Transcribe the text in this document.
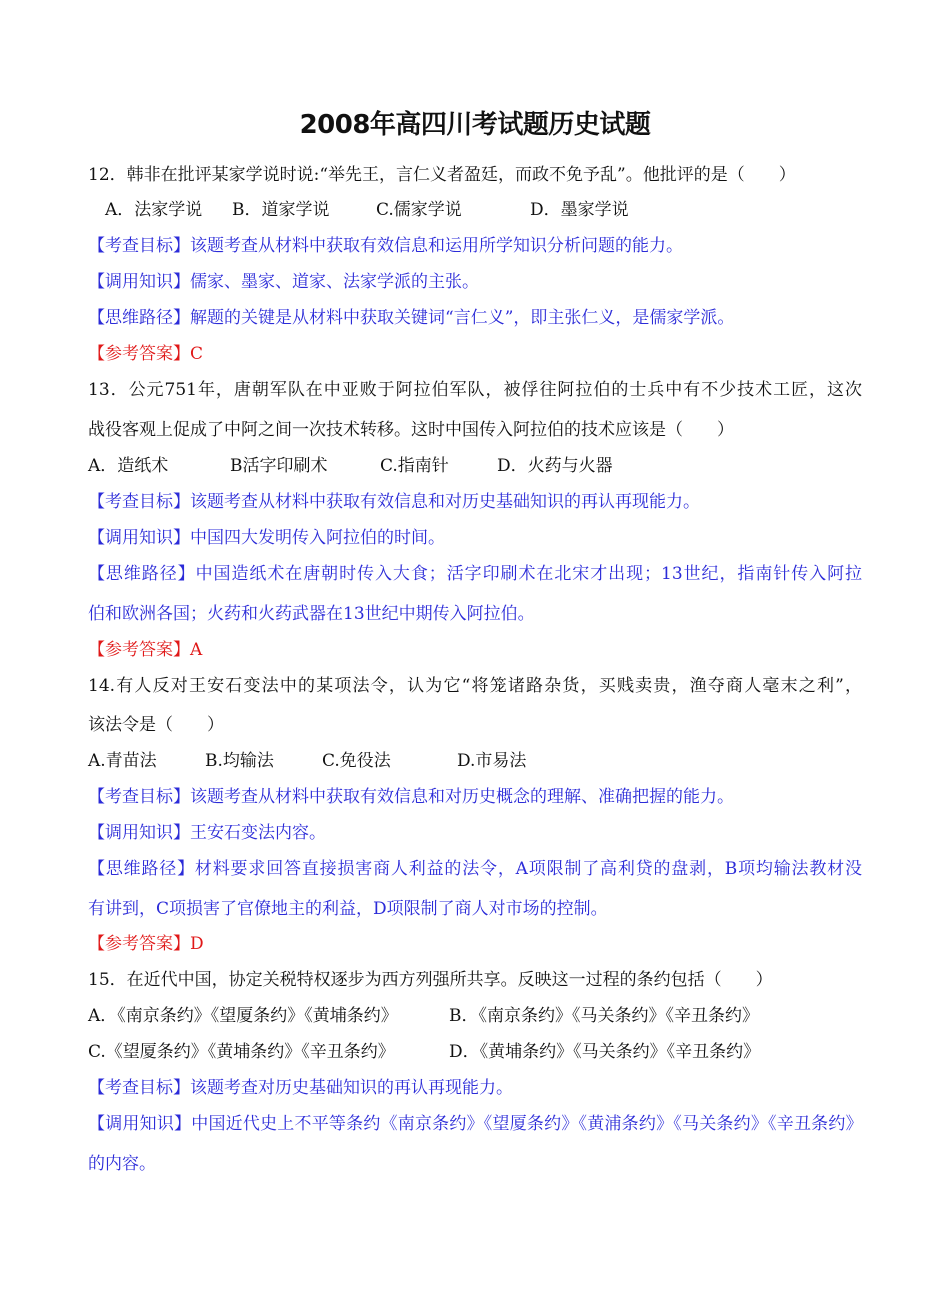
2008年高四川考试题历史试题
12．韩非在批评某家学说时说:“举先王，言仁义者盈廷，而政不免予乱”。他批评的是（　　）
A．法家学说 B．道家学说	C.儒家学说	D．墨家学说
【考查目标】该题考查从材料中获取有效信息和运用所学知识分析问题的能力。
【调用知识】儒家、墨家、道家、法家学派的主张。
【思维路径】解题的关键是从材料中获取关键词“言仁义”，即主张仁义，是儒家学派。
【参考答案】C
13．公元751年，唐朝军队在中亚败于阿拉伯军队，被俘往阿拉伯的士兵中有不少技术工匠，这次
战役客观上促成了中阿之间一次技术转移。这时中国传入阿拉伯的技术应该是（　　）
A．造纸术	B活字印刷术	C.指南针	D．火药与火器
【考查目标】该题考查从材料中获取有效信息和对历史基础知识的再认再现能力。
【调用知识】中国四大发明传入阿拉伯的时间。
【思维路径】中国造纸术在唐朝时传入大食；活字印刷术在北宋才出现；13世纪，指南针传入阿拉
伯和欧洲各国；火药和火药武器在13世纪中期传入阿拉伯。
【参考答案】A
14.有人反对王安石变法中的某项法令，认为它“将笼诸路杂货，买贱卖贵，渔夺商人毫末之利”，
该法令是（　　）
A.青苗法	B.均输法	C.免役法	D.市易法
【考查目标】该题考查从材料中获取有效信息和对历史概念的理解、准确把握的能力。
【调用知识】王安石变法内容。
【思维路径】材料要求回答直接损害商人利益的法令，A项限制了高利贷的盘剥，B项均输法教材没
有讲到，C项损害了官僚地主的利益，D项限制了商人对市场的控制。
【参考答案】D
15．在近代中国，协定关税特权逐步为西方列强所共享。反映这一过程的条约包括（　　）
A．《南京条约》《望厦条约》《黄埔条约》	B．《南京条约》《马关条约》《辛丑条约》
C.《望厦条约》《黄埔条约》《辛丑条约》	D．《黄埔条约》《马关条约》《辛丑条约》
【考查目标】该题考查对历史基础知识的再认再现能力。
【调用知识】中国近代史上不平等条约《南京条约》《望厦条约》《黄浦条约》《马关条约》《辛丑条约》
的内容。
